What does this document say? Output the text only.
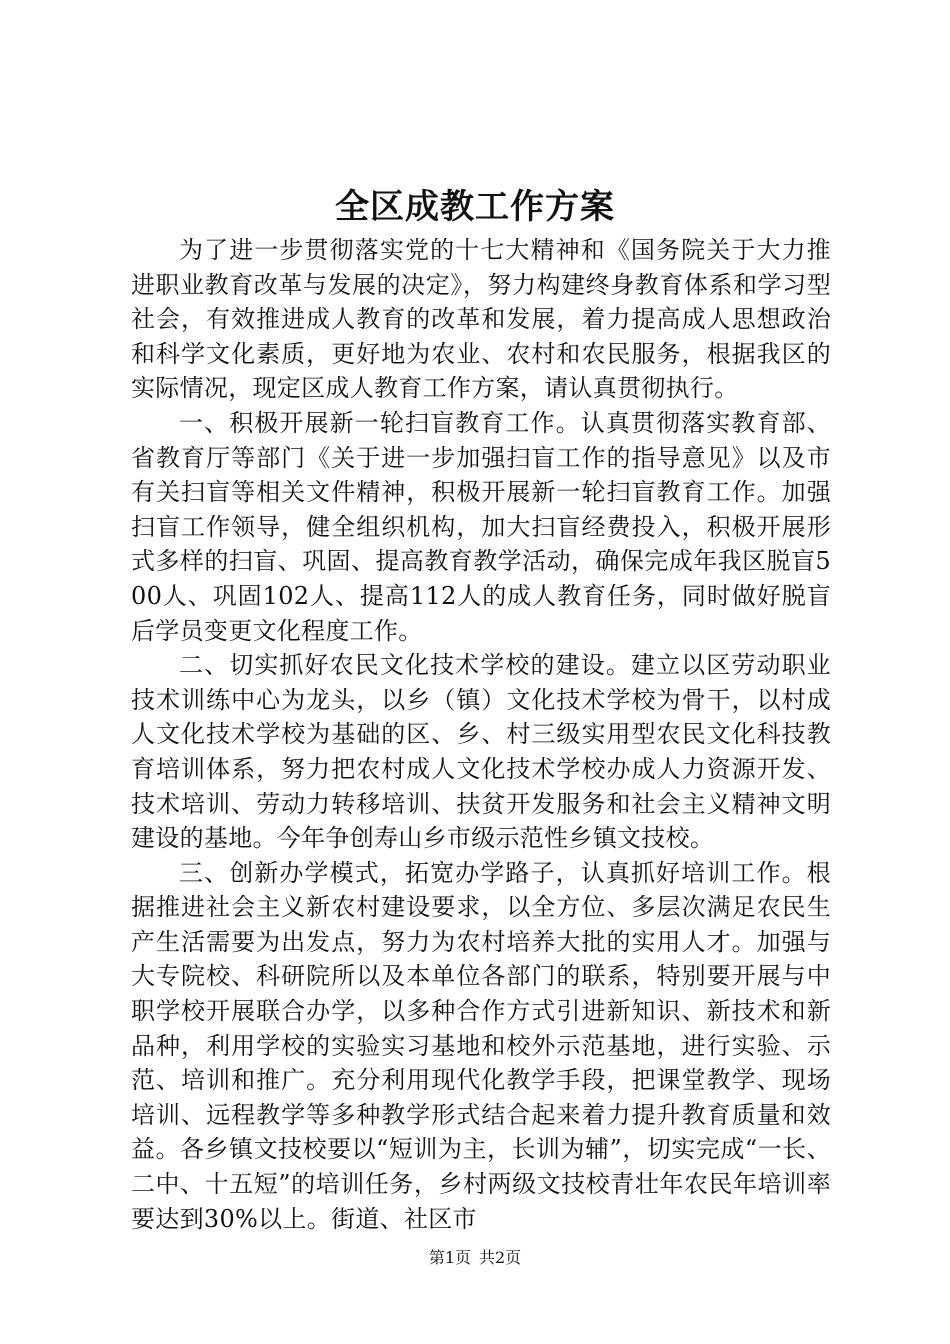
全区成教工作方案

为了进一步贯彻落实党的十七大精神和《国务院关于大力推进职业教育改革与发展的决定》，努力构建终身教育体系和学习型社会，有效推进成人教育的改革和发展，着力提高成人思想政治和科学文化素质，更好地为农业、农村和农民服务，根据我区的实际情况，现定区成人教育工作方案，请认真贯彻执行。

一、积极开展新一轮扫盲教育工作。认真贯彻落实教育部、省教育厅等部门《关于进一步加强扫盲工作的指导意见》以及市有关扫盲等相关文件精神，积极开展新一轮扫盲教育工作。加强扫盲工作领导，健全组织机构，加大扫盲经费投入，积极开展形式多样的扫盲、巩固、提高教育教学活动，确保完成年我区脱盲500人、巩固102人、提高112人的成人教育任务，同时做好脱盲后学员变更文化程度工作。

二、切实抓好农民文化技术学校的建设。建立以区劳动职业技术训练中心为龙头，以乡（镇）文化技术学校为骨干，以村成人文化技术学校为基础的区、乡、村三级实用型农民文化科技教育培训体系，努力把农村成人文化技术学校办成人力资源开发、技术培训、劳动力转移培训、扶贫开发服务和社会主义精神文明建设的基地。今年争创寿山乡市级示范性乡镇文技校。

三、创新办学模式，拓宽办学路子，认真抓好培训工作。根据推进社会主义新农村建设要求，以全方位、多层次满足农民生产生活需要为出发点，努力为农村培养大批的实用人才。加强与大专院校、科研院所以及本单位各部门的联系，特别要开展与中职学校开展联合办学，以多种合作方式引进新知识、新技术和新品种，利用学校的实验实习基地和校外示范基地，进行实验、示范、培训和推广。充分利用现代化教学手段，把课堂教学、现场培训、远程教学等多种教学形式结合起来着力提升教育质量和效益。各乡镇文技校要以“短训为主，长训为辅”，切实完成“一长、二中、十五短”的培训任务，乡村两级文技校青壮年农民年培训率要达到30%以上。街道、社区市

第1页 共2页
